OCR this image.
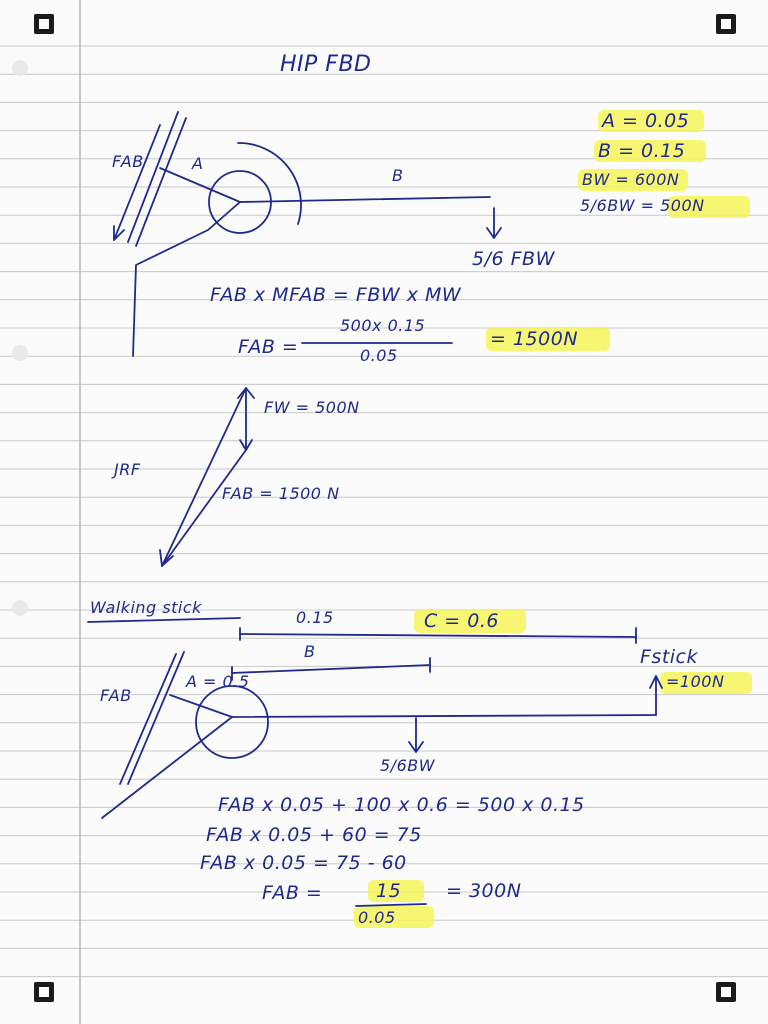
HIP FBD
A = 0.05
B = 0.15
BW = 600N
5/6BW = 500N
FAB	A
B
5/6 FBW
FAB x MFAB = FBW x MW
FAB =
500x 0.15
0.05
= 1500N
FW = 500N
JRF
FAB = 1500 N
Walking stick
0.15	C = 0.6
B
A = 0.5
FAB
Fstick
=100N
5/6BW
FAB x 0.05 + 100 x 0.6 = 500 x 0.15
FAB x 0.05 + 60 = 75
FAB x 0.05 = 75 - 60
FAB =	15
0.05
= 300N
